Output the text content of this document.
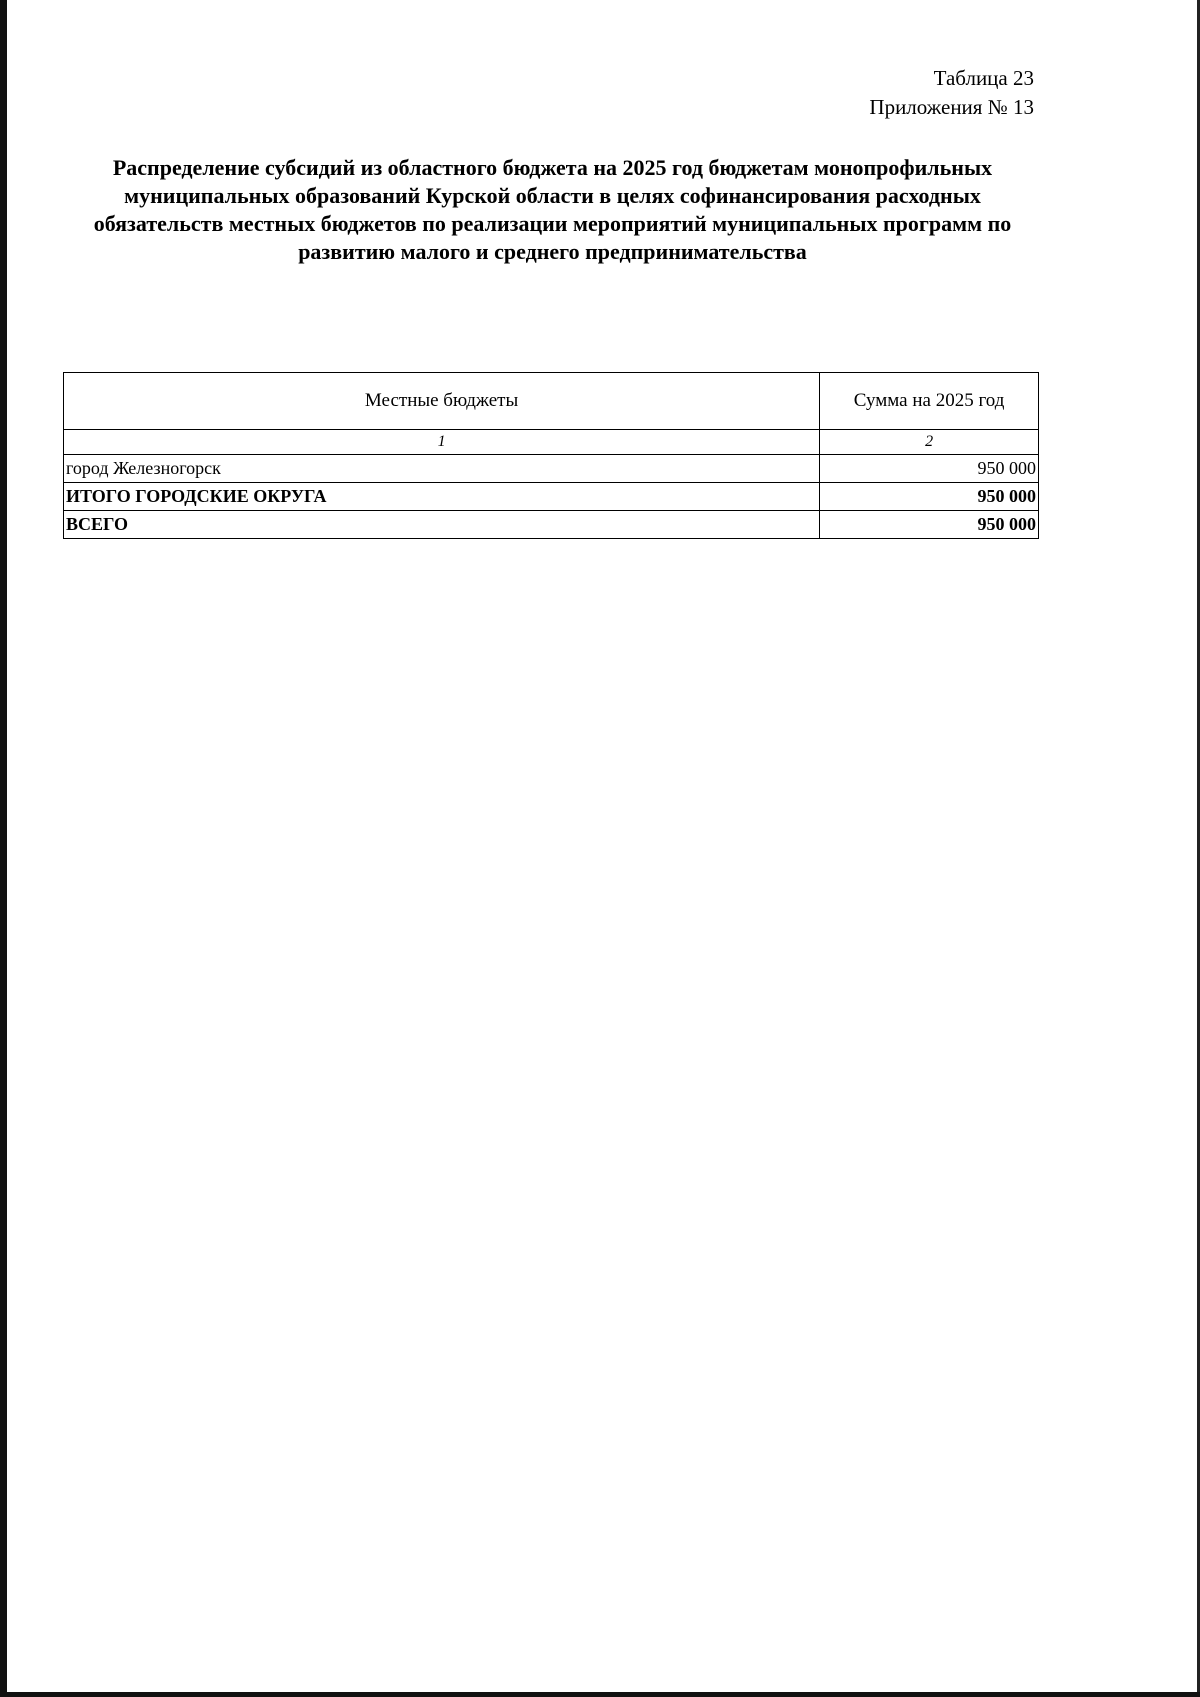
Таблица 23
Приложения № 13
Распределение субсидий из областного бюджета на 2025 год бюджетам монопрофильных муниципальных образований Курской области в целях софинансирования расходных обязательств местных бюджетов по реализации мероприятий муниципальных программ по развитию малого и среднего предпринимательства
Местные бюджеты	Сумма на 2025 год
1	2
город Железногорск	950 000
ИТОГО ГОРОДСКИЕ ОКРУГА	950 000
ВСЕГО	950 000
